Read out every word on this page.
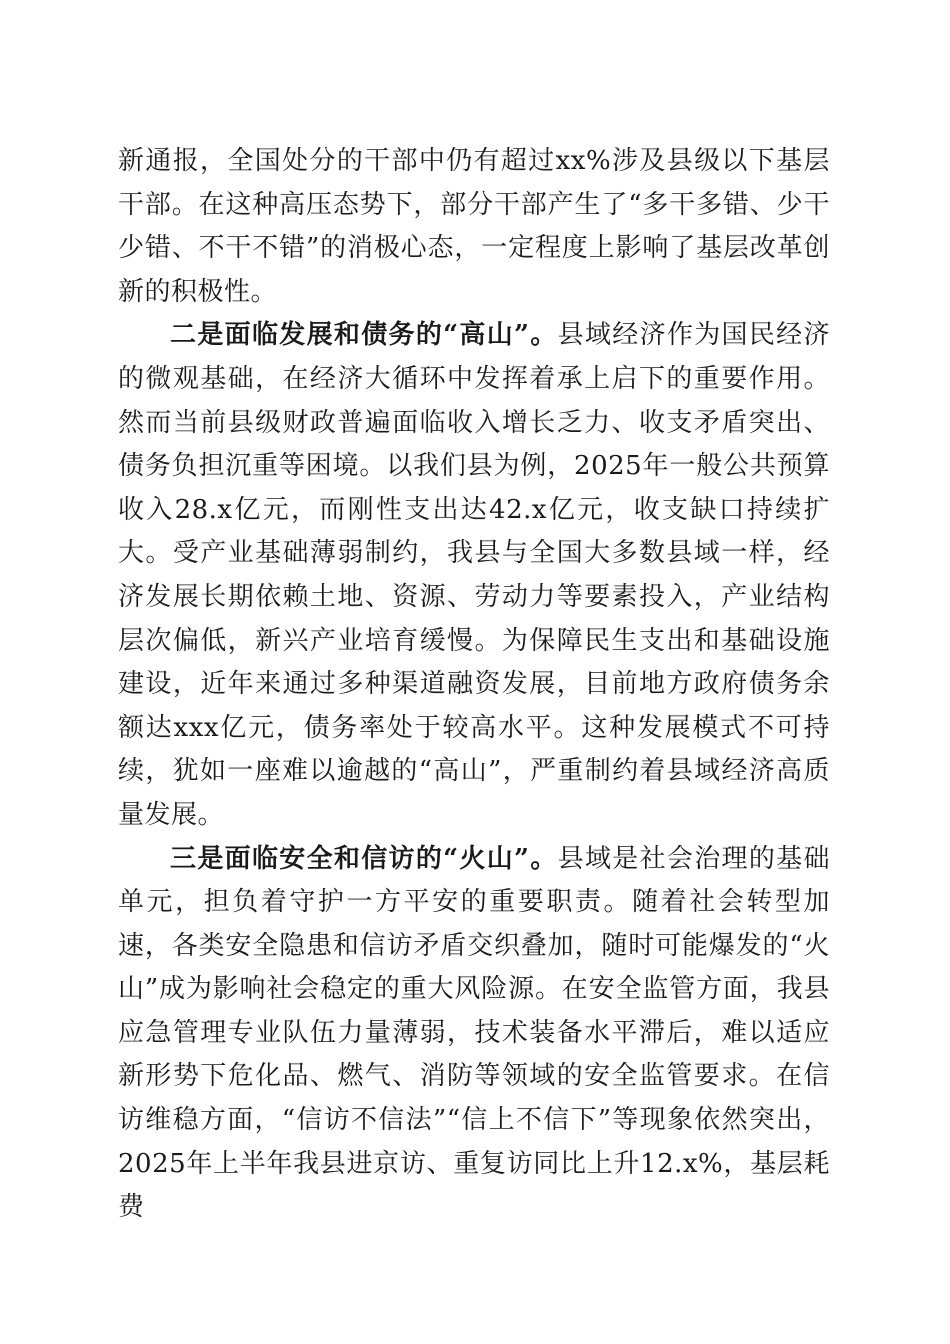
新通报，全国处分的干部中仍有超过xx%涉及县级以下基层干部。在这种高压态势下，部分干部产生了“多干多错、少干少错、不干不错”的消极心态，一定程度上影响了基层改革创新的积极性。

二是面临发展和债务的“高山”。县域经济作为国民经济的微观基础，在经济大循环中发挥着承上启下的重要作用。然而当前县级财政普遍面临收入增长乏力、收支矛盾突出、债务负担沉重等困境。以我们县为例，2025年一般公共预算收入28.x亿元，而刚性支出达42.x亿元，收支缺口持续扩大。受产业基础薄弱制约，我县与全国大多数县域一样，经济发展长期依赖土地、资源、劳动力等要素投入，产业结构层次偏低，新兴产业培育缓慢。为保障民生支出和基础设施建设，近年来通过多种渠道融资发展，目前地方政府债务余额达xxx亿元，债务率处于较高水平。这种发展模式不可持续，犹如一座难以逾越的“高山”，严重制约着县域经济高质量发展。

三是面临安全和信访的“火山”。县域是社会治理的基础单元，担负着守护一方平安的重要职责。随着社会转型加速，各类安全隐患和信访矛盾交织叠加，随时可能爆发的“火山”成为影响社会稳定的重大风险源。在安全监管方面，我县应急管理专业队伍力量薄弱，技术装备水平滞后，难以适应新形势下危化品、燃气、消防等领域的安全监管要求。在信访维稳方面，“信访不信法”“信上不信下”等现象依然突出，2025年上半年我县进京访、重复访同比上升12.x%，基层耗费
